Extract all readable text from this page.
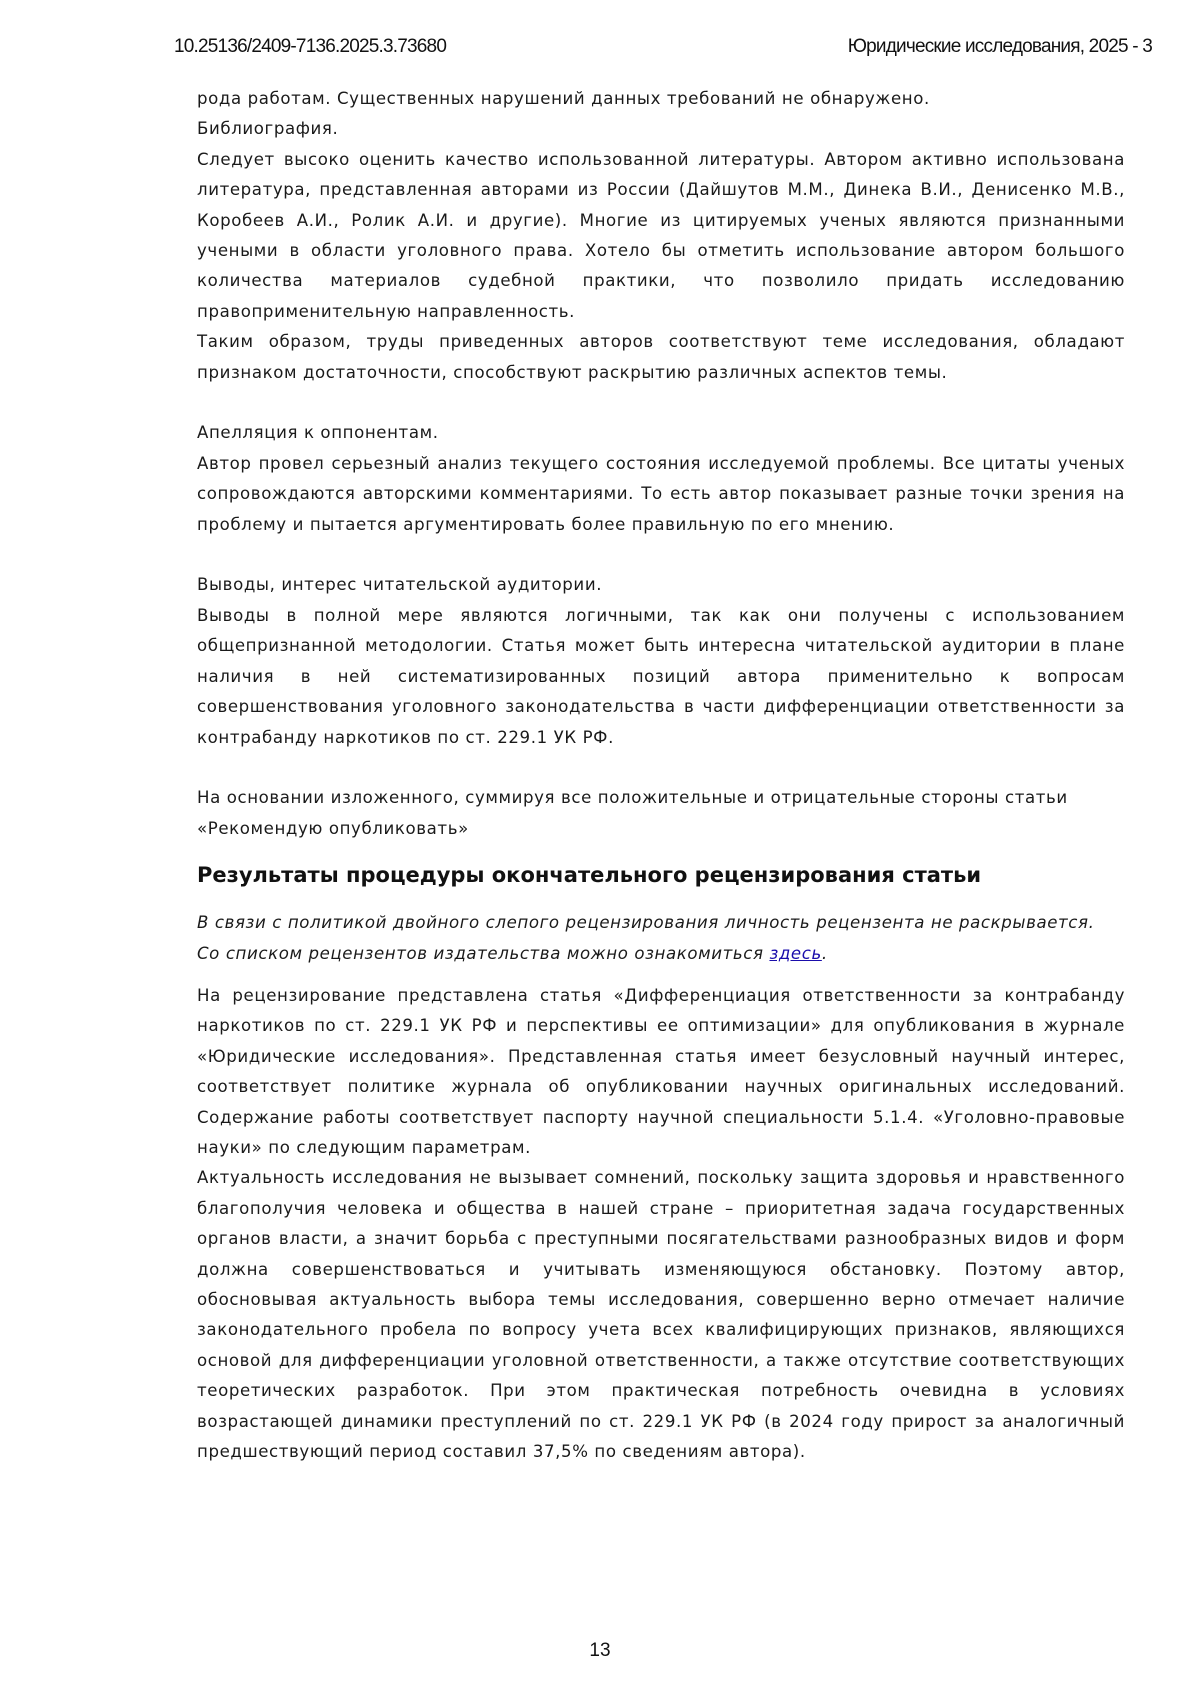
10.25136/2409-7136.2025.3.73680	Юридические исследования, 2025 - 3

рода работам. Существенных нарушений данных требований не обнаружено.

Библиография.

Следует высоко оценить качество использованной литературы. Автором активно использована литература, представленная авторами из России (Дайшутов М.М., Динека В.И., Денисенко М.В., Коробеев А.И., Ролик А.И. и другие). Многие из цитируемых ученых являются признанными учеными в области уголовного права. Хотело бы отметить использование автором большого количества материалов судебной практики, что позволило придать исследованию правоприменительную направленность.

Таким образом, труды приведенных авторов соответствуют теме исследования, обладают признаком достаточности, способствуют раскрытию различных аспектов темы.

Апелляция к оппонентам.

Автор провел серьезный анализ текущего состояния исследуемой проблемы. Все цитаты ученых сопровождаются авторскими комментариями. То есть автор показывает разные точки зрения на проблему и пытается аргументировать более правильную по его мнению.

Выводы, интерес читательской аудитории.

Выводы в полной мере являются логичными, так как они получены с использованием общепризнанной методологии. Статья может быть интересна читательской аудитории в плане наличия в ней систематизированных позиций автора применительно к вопросам совершенствования уголовного законодательства в части дифференциации ответственности за контрабанду наркотиков по ст. 229.1 УК РФ.

На основании изложенного, суммируя все положительные и отрицательные стороны статьи

«Рекомендую опубликовать»

Результаты процедуры окончательного рецензирования статьи

В связи с политикой двойного слепого рецензирования личность рецензента не раскрывается.

Со списком рецензентов издательства можно ознакомиться здесь.

На рецензирование представлена статья «Дифференциация ответственности за контрабанду наркотиков по ст. 229.1 УК РФ и перспективы ее оптимизации» для опубликования в журнале «Юридические исследования». Представленная статья имеет безусловный научный интерес, соответствует политике журнала об опубликовании научных оригинальных исследований. Содержание работы соответствует паспорту научной специальности 5.1.4. «Уголовно-правовые науки» по следующим параметрам.

Актуальность исследования не вызывает сомнений, поскольку защита здоровья и нравственного благополучия человека и общества в нашей стране – приоритетная задача государственных органов власти, а значит борьба с преступными посягательствами разнообразных видов и форм должна совершенствоваться и учитывать изменяющуюся обстановку. Поэтому автор, обосновывая актуальность выбора темы исследования, совершенно верно отмечает наличие законодательного пробела по вопросу учета всех квалифицирующих признаков, являющихся основой для дифференциации уголовной ответственности, а также отсутствие соответствующих теоретических разработок. При этом практическая потребность очевидна в условиях возрастающей динамики преступлений по ст. 229.1 УК РФ (в 2024 году прирост за аналогичный предшествующий период составил 37,5% по сведениям автора).

13
